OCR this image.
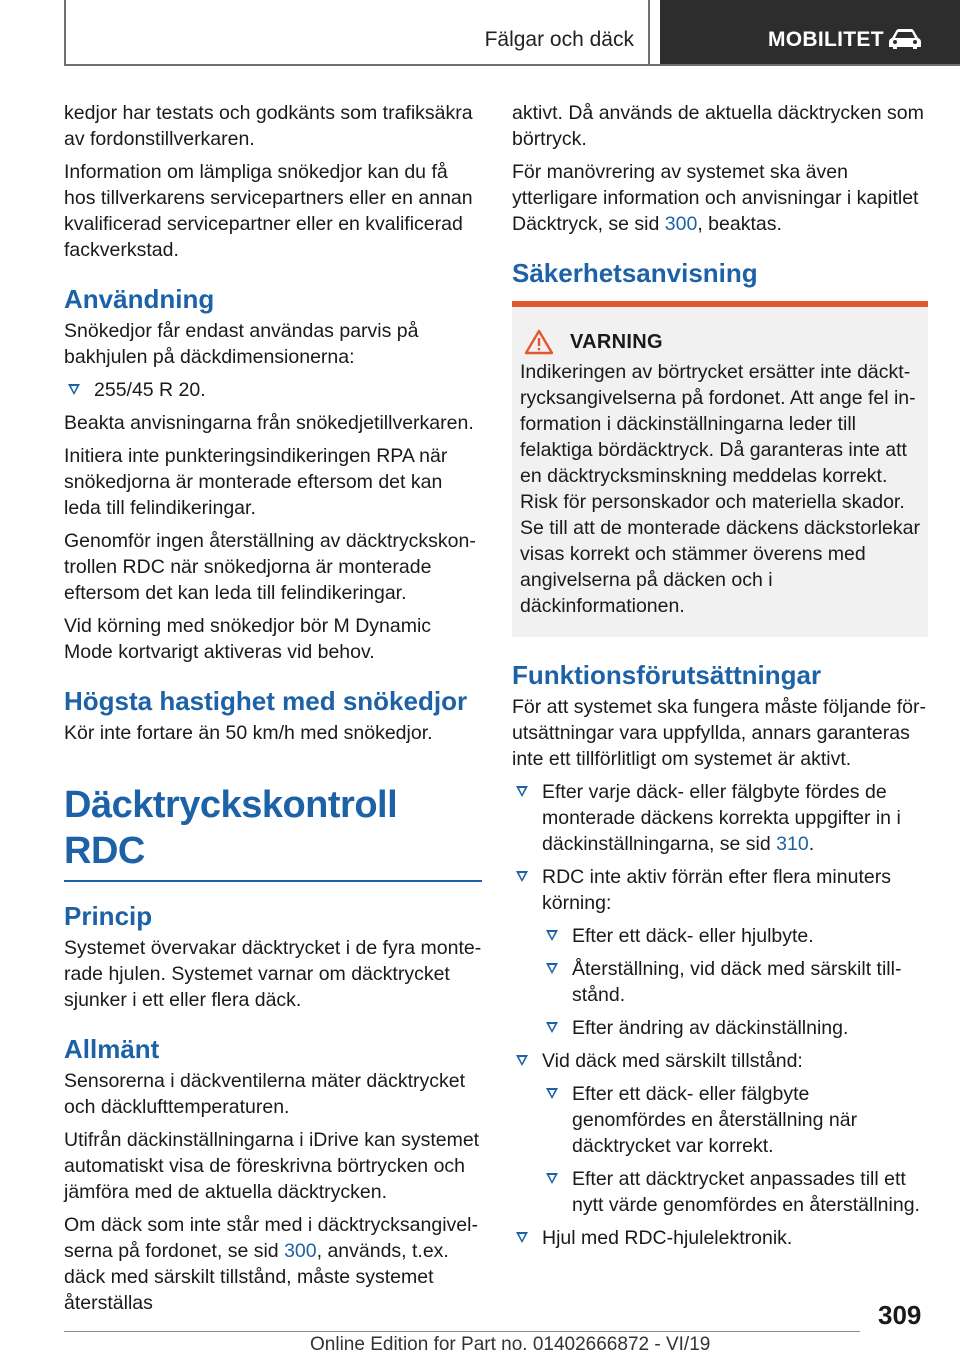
Fälgar och däck	MOBILITET

kedjor har testats och godkänts som trafiksäkra av fordonstillverkaren.

Information om lämpliga snökedjor kan du få hos tillverkarens servicepartners eller en annan kvalificerad servicepartner eller en kvalificerad fackverkstad.

Användning

Snökedjor får endast användas parvis på bakhjulen på däckdimensionerna:

255/45 R 20.

Beakta anvisningarna från snökedjetillverkaren.

Initiera inte punkteringsindikeringen RPA när snökedjorna är monterade eftersom det kan leda till felindikeringar.

Genomför ingen återställning av däcktryckskontrollen RDC när snökedjorna är monterade eftersom det kan leda till felindikeringar.

Vid körning med snökedjor bör M Dynamic Mode kortvarigt aktiveras vid behov.

Högsta hastighet med snökedjor

Kör inte fortare än 50 km/h med snökedjor.

Däcktryckskontroll RDC
Princip

Systemet övervakar däcktrycket i de fyra monterade hjulen. Systemet varnar om däcktrycket sjunker i ett eller flera däck.

Allmänt

Sensorerna i däckventilerna mäter däcktrycket och däcklufttemperaturen.

Utifrån däckinställningarna i iDrive kan systemet automatiskt visa de föreskrivna börtrycken och jämföra med de aktuella däcktrycken.

Om däck som inte står med i däcktrycksangivelserna på fordonet, se sid 300, används, t.ex. däck med särskilt tillstånd, måste systemet återställas

aktivt. Då används de aktuella däcktrycken som börtryck.

För manövrering av systemet ska även ytterligare information och anvisningar i kapitlet Däcktryck, se sid 300, beaktas.

Säkerhetsanvisning
VARNING

Indikeringen av börtrycket ersätter inte däcktrycksangivelserna på fordonet. Att ange fel information i däckinställningarna leder till felaktiga bördäcktryck. Då garanteras inte att en däcktrycksminskning meddelas korrekt. Risk för personskador och materiella skador. Se till att de monterade däckens däckstorlekar visas korrekt och stämmer överens med angivelserna på däcken och i däckinformationen.

Funktionsförutsättningar

För att systemet ska fungera måste följande förutsättningar vara uppfyllda, annars garanteras inte ett tillförlitligt om systemet är aktivt.

Efter varje däck- eller fälgbyte fördes de monterade däckens korrekta uppgifter in i däckinställningarna, se sid 310.
RDC inte aktiv förrän efter flera minuters körning:
Efter ett däck- eller hjulbyte.
Återställning, vid däck med särskilt tillstånd.
Efter ändring av däckinställning.
Vid däck med särskilt tillstånd:
Efter ett däck- eller fälgbyte genomfördes en återställning när däcktrycket var korrekt.
Efter att däcktrycket anpassades till ett nytt värde genomfördes en återställning.
Hjul med RDC-hjulelektronik.
309
Online Edition for Part no. 01402666872 - VI/19
